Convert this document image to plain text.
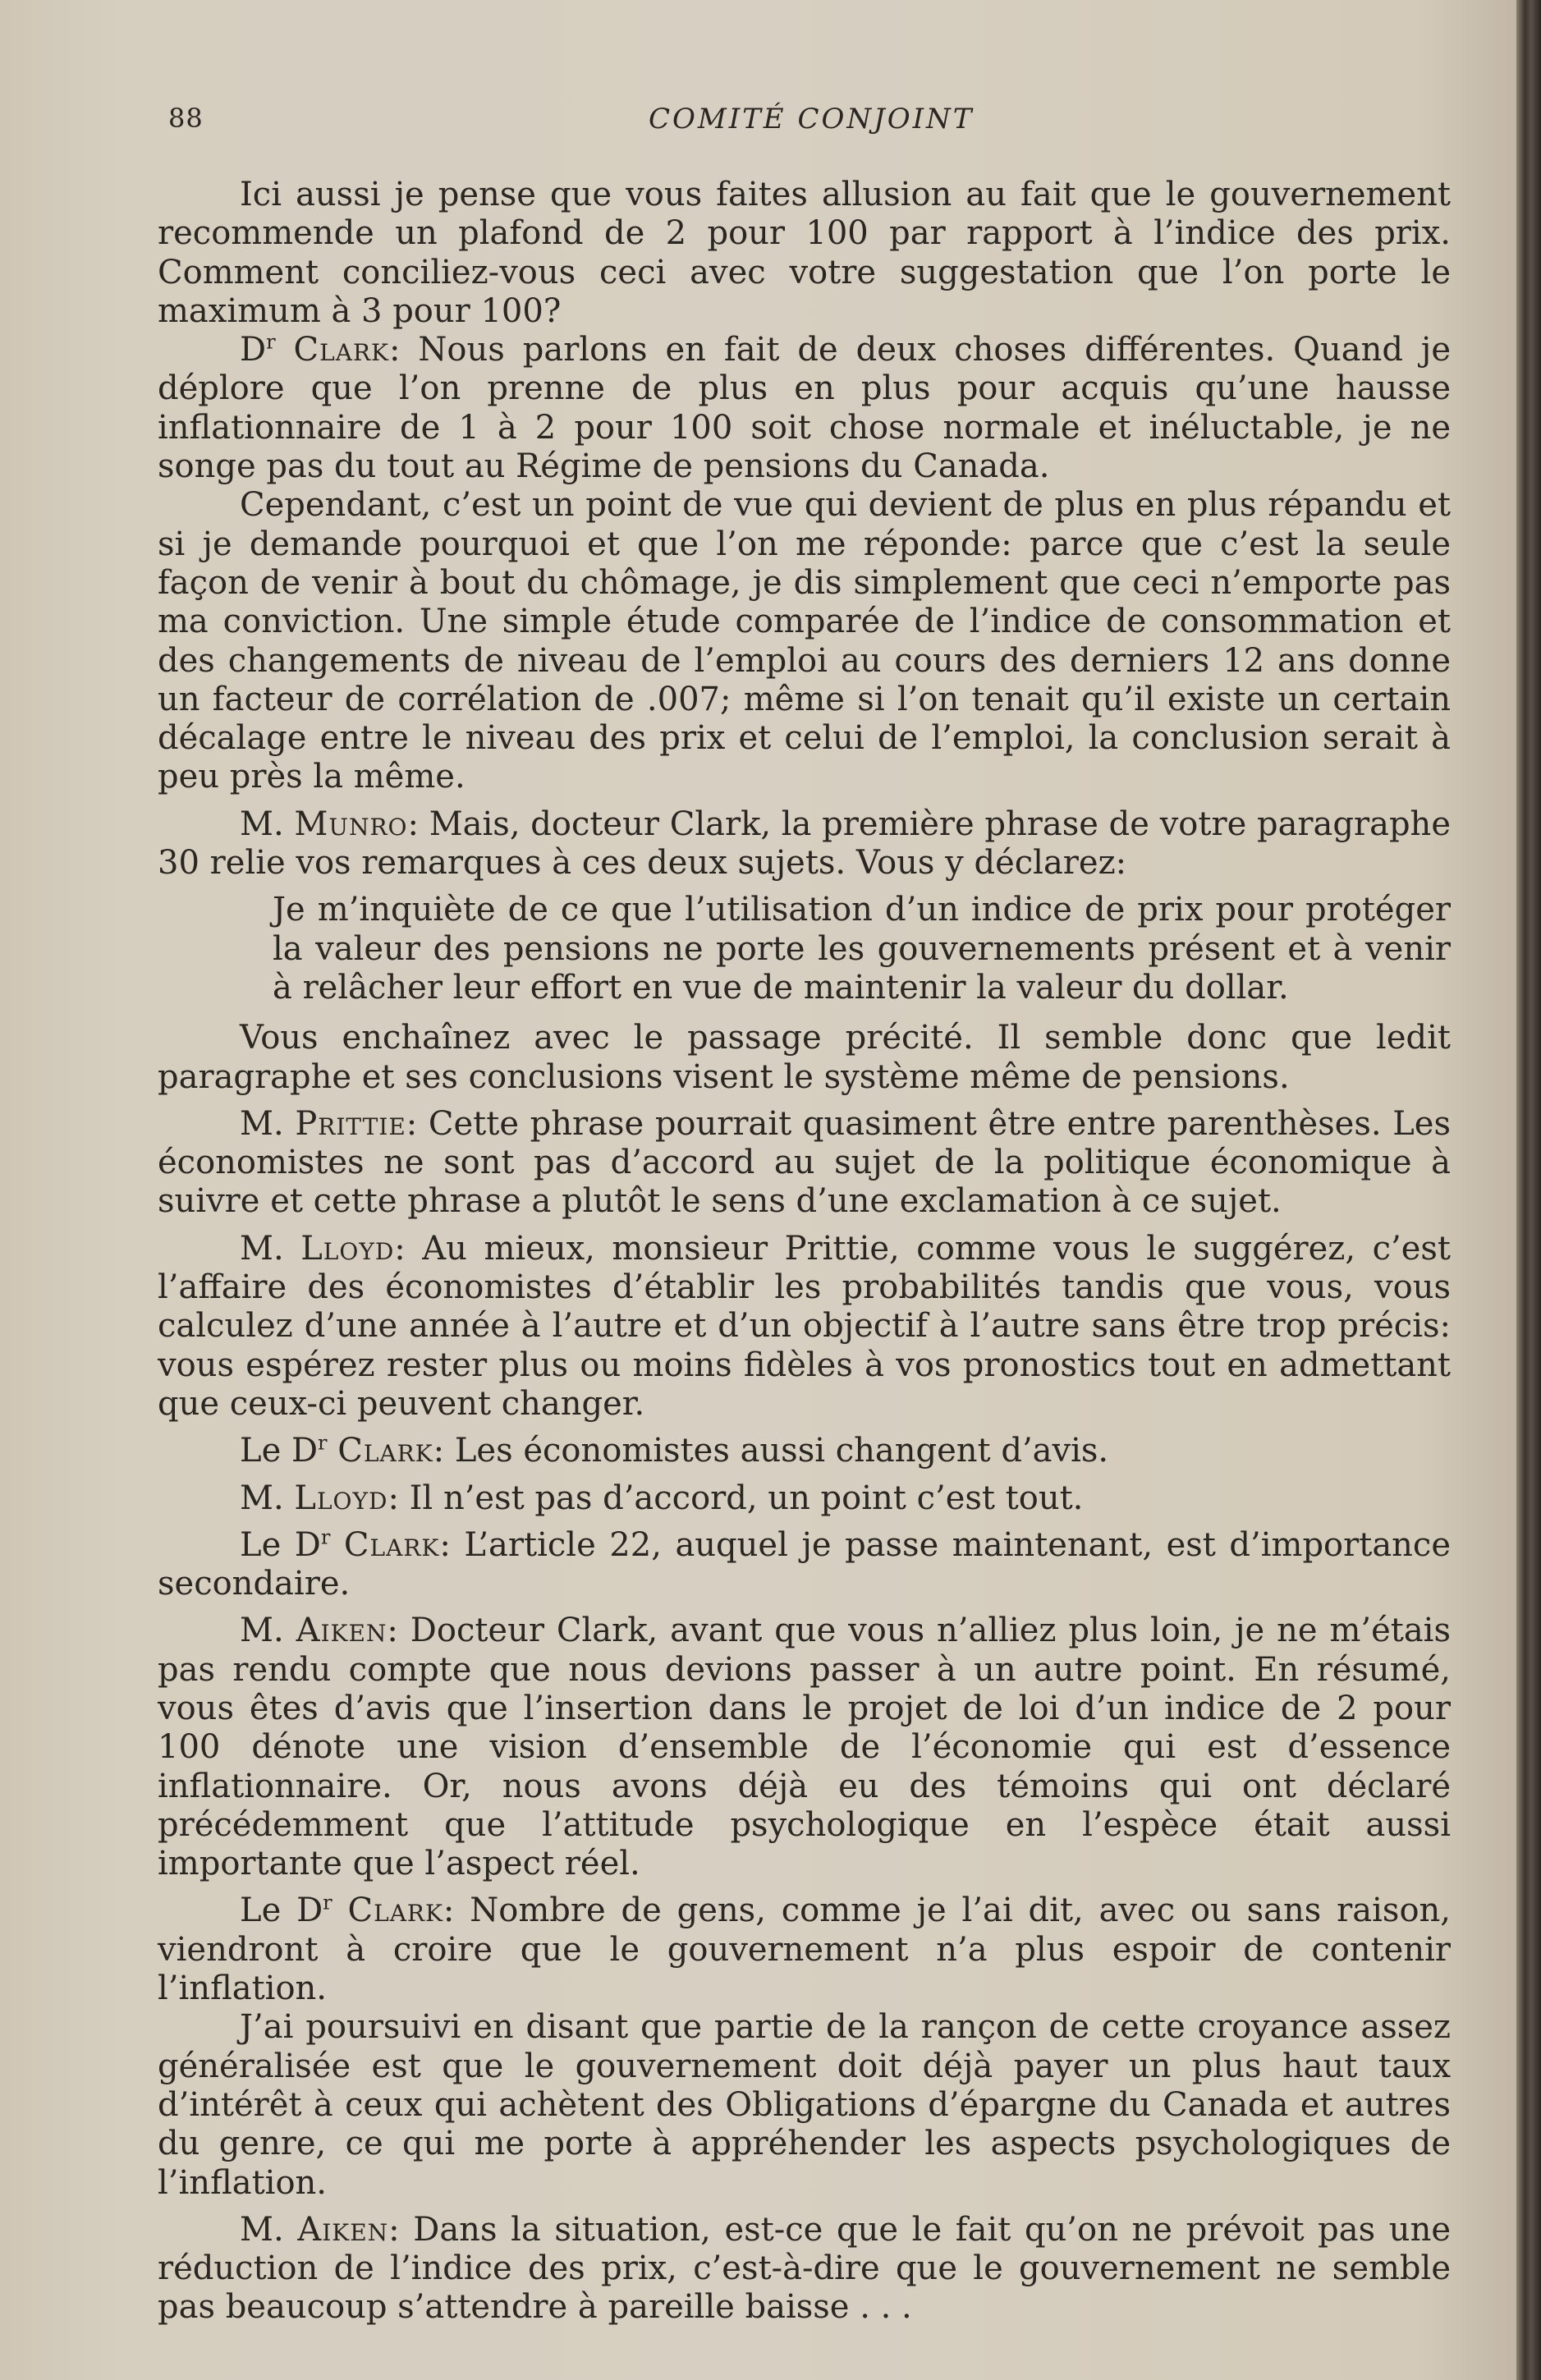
88	COMITÉ CONJOINT

Ici aussi je pense que vous faites allusion au fait que le gouvernement recommende un plafond de 2 pour 100 par rapport à l’indice des prix. Comment conciliez-vous ceci avec votre suggestation que l’on porte le maximum à 3 pour 100?

$D^r$ Clark: Nous parlons en fait de deux choses différentes. Quand je déplore que l’on prenne de plus en plus pour acquis qu’une hausse inflationnaire de 1 à 2 pour 100 soit chose normale et inéluctable, je ne songe pas du tout au Régime de pensions du Canada.

Cependant, c’est un point de vue qui devient de plus en plus répandu et si je demande pourquoi et que l’on me réponde: parce que c’est la seule façon de venir à bout du chômage, je dis simplement que ceci n’emporte pas ma conviction. Une simple étude comparée de l’indice de consommation et des changements de niveau de l’emploi au cours des derniers 12 ans donne un facteur de corrélation de .007; même si l’on tenait qu’il existe un certain décalage entre le niveau des prix et celui de l’emploi, la conclusion serait à peu près la même.

M. Munro: Mais, docteur Clark, la première phrase de votre paragraphe 30 relie vos remarques à ces deux sujets. Vous y déclarez:

Je m’inquiète de ce que l’utilisation d’un indice de prix pour protéger la valeur des pensions ne porte les gouvernements présent et à venir à relâcher leur effort en vue de maintenir la valeur du dollar.

Vous enchaînez avec le passage précité. Il semble donc que ledit paragraphe et ses conclusions visent le système même de pensions.

M. Prittie: Cette phrase pourrait quasiment être entre parenthèses. Les économistes ne sont pas d’accord au sujet de la politique économique à suivre et cette phrase a plutôt le sens d’une exclamation à ce sujet.

M. Lloyd: Au mieux, monsieur Prittie, comme vous le suggérez, c’est l’affaire des économistes d’établir les probabilités tandis que vous, vous calculez d’une année à l’autre et d’un objectif à l’autre sans être trop précis: vous espérez rester plus ou moins fidèles à vos pronostics tout en admettant que ceux-ci peuvent changer.

Le $D^r$ Clark: Les économistes aussi changent d’avis.

M. Lloyd: Il n’est pas d’accord, un point c’est tout.

Le $D^r$ Clark: L’article 22, auquel je passe maintenant, est d’importance secondaire.

M. Aiken: Docteur Clark, avant que vous n’alliez plus loin, je ne m’étais pas rendu compte que nous devions passer à un autre point. En résumé, vous êtes d’avis que l’insertion dans le projet de loi d’un indice de 2 pour 100 dénote une vision d’ensemble de l’économie qui est d’essence inflationnaire. Or, nous avons déjà eu des témoins qui ont déclaré précédemment que l’attitude psychologique en l’espèce était aussi importante que l’aspect réel.

Le $D^r$ Clark: Nombre de gens, comme je l’ai dit, avec ou sans raison, viendront à croire que le gouvernement n’a plus espoir de contenir l’inflation.

J’ai poursuivi en disant que partie de la rançon de cette croyance assez généralisée est que le gouvernement doit déjà payer un plus haut taux d’intérêt à ceux qui achètent des Obligations d’épargne du Canada et autres du genre, ce qui me porte à appréhender les aspects psychologiques de l’inflation.

M. Aiken: Dans la situation, est-ce que le fait qu’on ne prévoit pas une réduction de l’indice des prix, c’est-à-dire que le gouvernement ne semble pas beaucoup s’attendre à pareille baisse . . .
